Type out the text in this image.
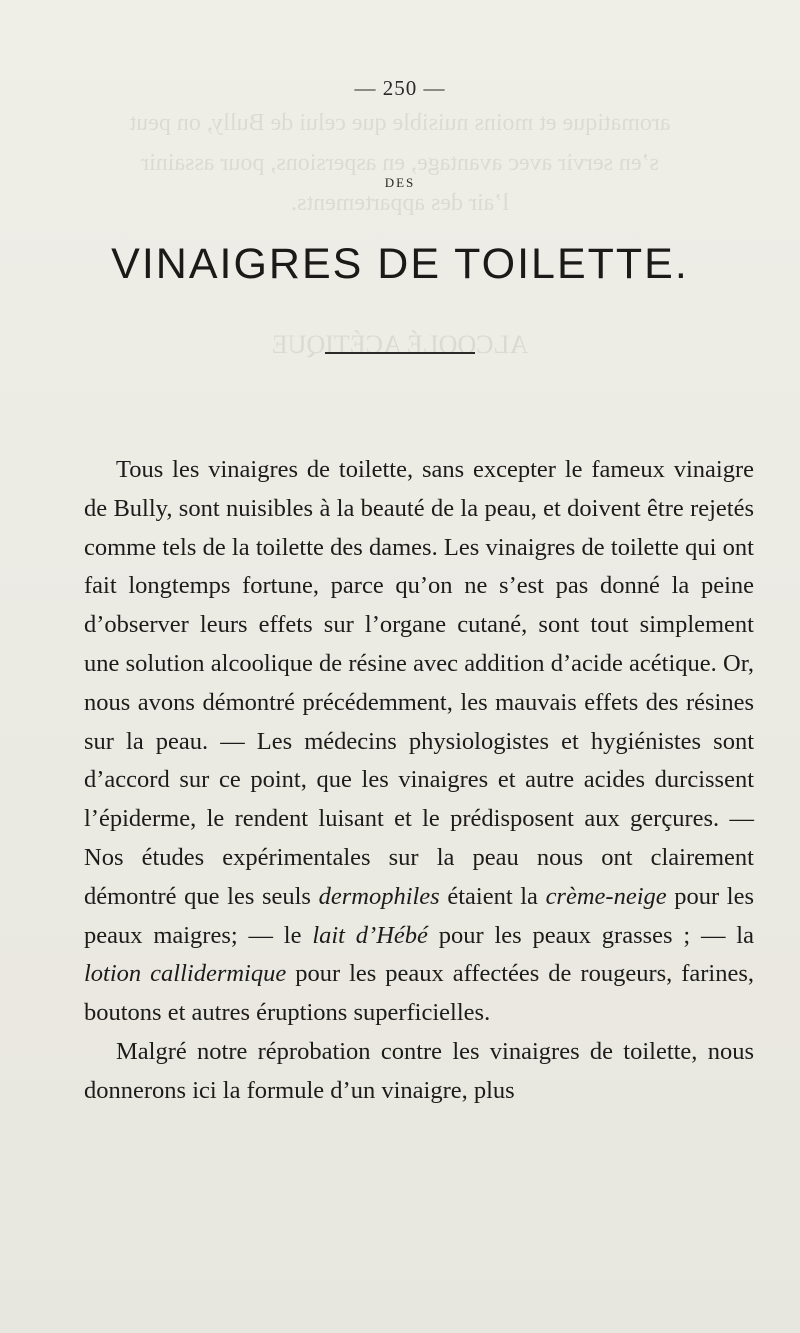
aromatique et moins nuisible que celui de Bully, on peut
s’en servir avec avantage, en aspersions, pour assainir
l’air des appartements.
ALCOOLÉ ACÉTIQUE
— 250 —
DES
VINAIGRES DE TOILETTE.

Tous les vinaigres de toilette, sans excepter le fameux vinaigre de Bully, sont nuisibles à la beauté de la peau, et doivent être rejetés comme tels de la toilette des dames. Les vinaigres de toilette qui ont fait longtemps fortune, parce qu’on ne s’est pas donné la peine d’observer leurs effets sur l’organe cutané, sont tout simplement une solution alcoolique de résine avec addition d’acide acétique. Or, nous avons démontré précédemment, les mauvais effets des résines sur la peau. — Les médecins physiologistes et hygiénistes sont d’accord sur ce point, que les vinaigres et autre acides durcissent l’épiderme, le rendent luisant et le prédisposent aux gerçures. — Nos études expérimentales sur la peau nous ont clairement démontré que les seuls dermophiles étaient la crème-neige pour les peaux maigres; — le lait d’Hébé pour les peaux grasses ; — la lotion callidermique pour les peaux affectées de rougeurs, farines, boutons et autres éruptions superficielles.

Malgré notre réprobation contre les vinaigres de toilette, nous donnerons ici la formule d’un vinaigre, plus
